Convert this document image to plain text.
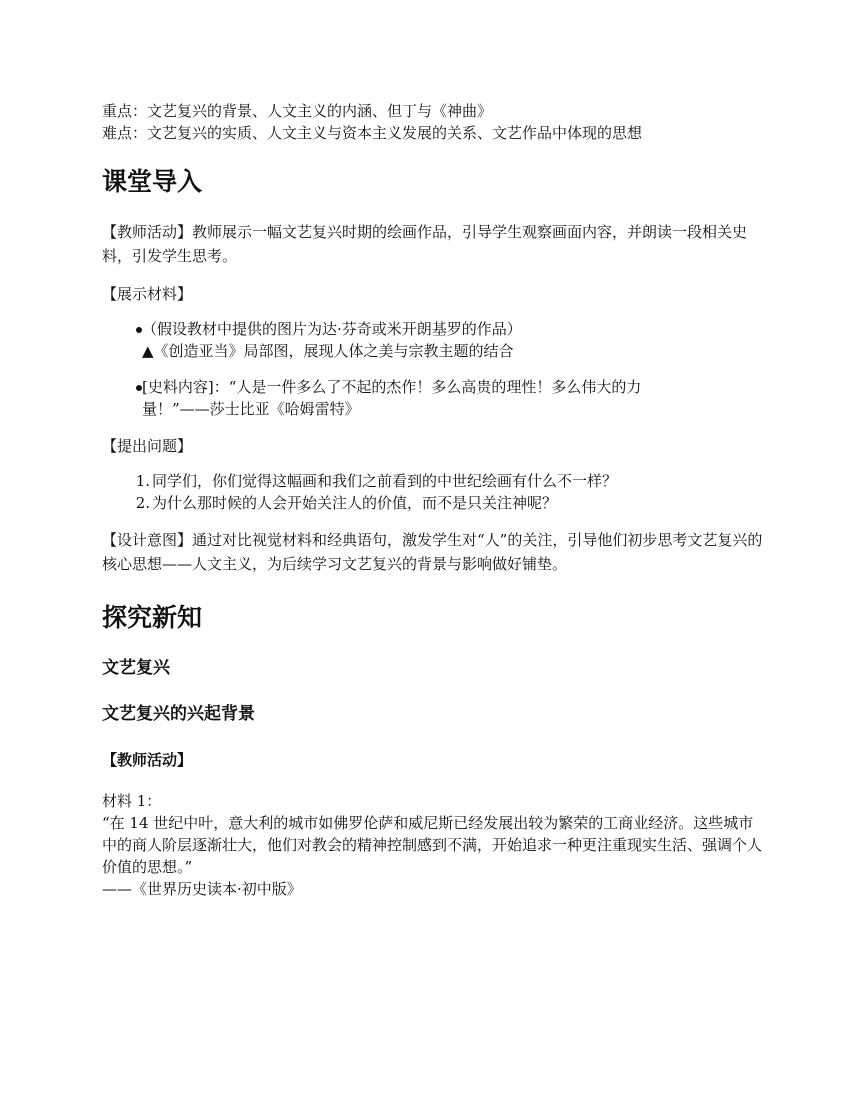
重点：文艺复兴的背景、人文主义的内涵、但丁与《神曲》

难点：文艺复兴的实质、人文主义与资本主义发展的关系、文艺作品中体现的思想

课堂导入

【教师活动】教师展示一幅文艺复兴时期的绘画作品，引导学生观察画面内容，并朗读一段相关史料，引发学生思考。

【展示材料】

（假设教材中提供的图片为达·芬奇或米开朗基罗的作品）
▲《创造亚当》局部图，展现人体之美与宗教主题的结合
[史料内容]：“人是一件多么了不起的杰作！多么高贵的理性！多么伟大的力
量！”——莎士比亚《哈姆雷特》

【提出问题】

1. 同学们，你们觉得这幅画和我们之前看到的中世纪绘画有什么不一样？
2. 为什么那时候的人会开始关注人的价值，而不是只关注神呢？

【设计意图】通过对比视觉材料和经典语句，激发学生对“人”的关注，引导他们初步思考文艺复兴的核心思想——人文主义，为后续学习文艺复兴的背景与影响做好铺垫。

探究新知
文艺复兴
文艺复兴的兴起背景

【教师活动】

材料 1：

“在 14 世纪中叶，意大利的城市如佛罗伦萨和威尼斯已经发展出较为繁荣的工商业经济。这些城市中的商人阶层逐渐壮大，他们对教会的精神控制感到不满，开始追求一种更注重现实生活、强调个人价值的思想。”

——《世界历史读本·初中版》
